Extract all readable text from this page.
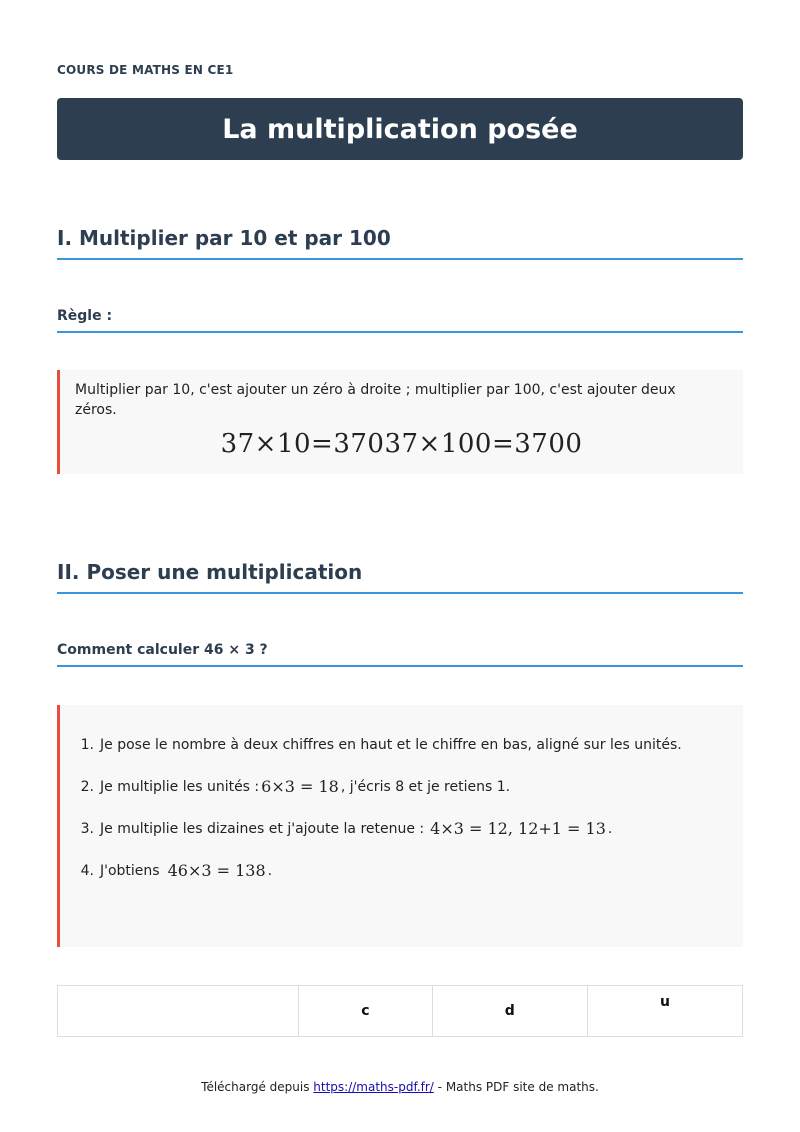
COURS DE MATHS EN CE1
La multiplication posée
I. Multiplier par 10 et par 100
Règle :

Multiplier par 10, c'est ajouter un zéro à droite ; multiplier par 100, c'est ajouter deux zéros.

37×10=37037×100=3700
II. Poser une multiplication
Comment calculer 46 × 3 ?
1. Je pose le nombre à deux chiffres en haut et le chiffre en bas, aligné sur les unités.
2. Je multiplie les unités : 6×3 = 18 , j'écris 8 et je retiens 1.
3. Je multiplie les dizaines et j'ajoute la retenue : 4×3 = 12, 12+1 = 13 .
4. J'obtiens 46×3 = 138 .
	c	d	u
Téléchargé depuis https://maths-pdf.fr/ - Maths PDF site de maths.
